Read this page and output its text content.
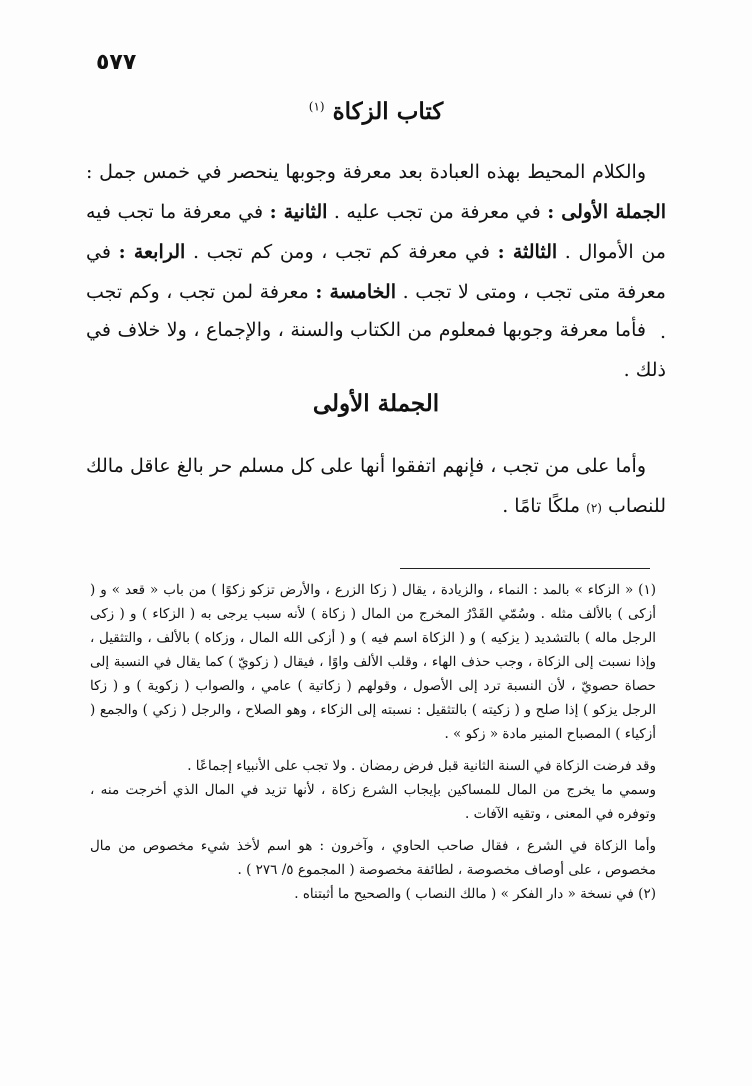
٥٧٧
كتاب الزكاة $^{(١)}$

والكلام المحيط بهذه العبادة بعد معرفة وجوبها ينحصر في خمس جمل : الجملة الأولى : في معرفة من تجب عليه . الثانية : في معرفة ما تجب فيه من الأموال . الثالثة : في معرفة كم تجب ، ومن كم تجب . الرابعة : في معرفة متى تجب ، ومتى لا تجب . الخامسة : معرفة لمن تجب ، وكم تجب .

فأما معرفة وجوبها فمعلوم من الكتاب والسنة ، والإجماع ، ولا خلاف في ذلك .

الجملة الأولى

وأما على من تجب ، فإنهم اتفقوا أنها على كل مسلم حر بالغ عاقل مالك للنصاب (٢) ملكًا تامًا .

(١) « الزكاء » بالمد : النماء ، والزيادة ، يقال ( زكا الزرع ، والأرض تزكو زكوًا ) من باب « قعد » و ( أزكى ) بالألف مثله . وسُمّي القَدْرُ المخرج من المال ( زكاة ) لأنه سبب يرجى به ( الزكاء ) و ( زكى الرجل ماله ) بالتشديد ( يزكيه ) و ( الزكاة اسم فيه ) و ( أزكى الله المال ، وزكاه ) بالألف ، والتثقيل ، وإذا نسبت إلى الزكاة ، وجب حذف الهاء ، وقلب الألف واوًا ، فيقال ( زكويّ ) كما يقال في النسبة إلى حصاة حصويّ ، لأن النسبة ترد إلى الأصول ، وقولهم ( زكاتية ) عامي ، والصواب ( زكوية ) و ( زكا الرجل يزكو ) إذا صلح و ( زكيته ) بالتثقيل : نسبته إلى الزكاء ، وهو الصلاح ، والرجل ( زكي ) والجمع ( أزكياء ) المصباح المنير مادة « زكو » .

وقد فرضت الزكاة في السنة الثانية قبل فرض رمضان . ولا تجب على الأنبياء إجماعًا .

وسمي ما يخرج من المال للمساكين بإيجاب الشرع زكاة ، لأنها تزيد في المال الذي أخرجت منه ، وتوفره في المعنى ، وتقيه الآفات .

وأما الزكاة في الشرع ، فقال صاحب الحاوي ، وآخرون : هو اسم لأخذ شيء مخصوص من مال مخصوص ، على أوصاف مخصوصة ، لطائفة مخصوصة ( المجموع ٥/ ٢٧٦ ) .

(٢) في نسخة « دار الفكر » ( مالك النصاب ) والصحيح ما أثبتناه .
